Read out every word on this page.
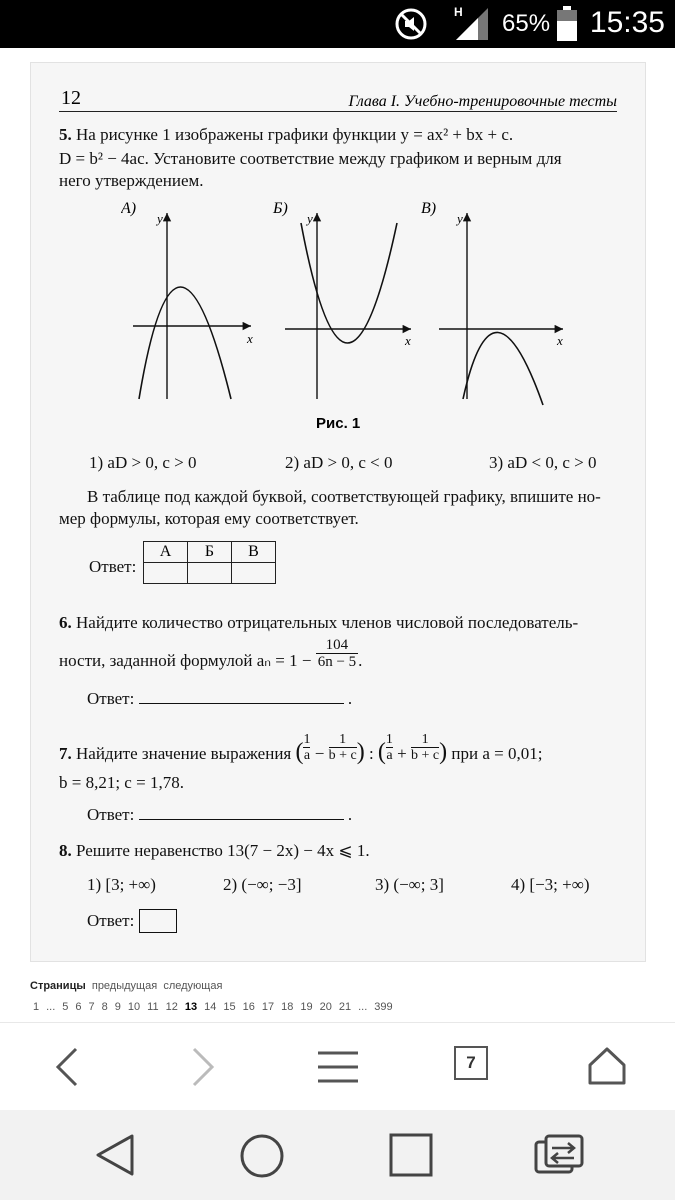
H 65% 15:35
12	Глава I. Учебно-тренировочные тесты
5. На рисунке 1 изображены графики функции y = ax² + bx + c.
D = b² − 4ac. Установите соответствие между графиком и верным для
него утверждением.
А)
y
x
Б)
y
x
В)
y
x
Рис. 1
1) aD > 0, c > 0	2) aD > 0, c < 0	3) aD < 0, c > 0
В таблице под каждой буквой, соответствующей графику, впишите но-
мер формулы, которая ему соответствует.
Ответ:
А	Б	В

6. Найдите количество отрицательных членов числовой последователь-
ности, заданной формулой $a_n = 1 - \frac{104}{6n - 5}$ .
Ответ:	.
7. Найдите значение выражения ( $\frac{1}{a} - \frac{1}{b + c}$ ) : ( $\frac{1}{a} + \frac{1}{b + c}$ ) при a = 0,01;
b = 8,21; c = 1,78.
Ответ:	.
8. Решите неравенство 13(7 − 2x) − 4x ⩽ 1.
1) [3; +∞)	2) (−∞; −3]	3) (−∞; 3]	4) [−3; +∞)
Ответ:
Страницы предыдущая следующая
1 ... 5 6 7 8 9 10 11 12 13 14 15 16 17 18 19 20 21 ... 399
7
